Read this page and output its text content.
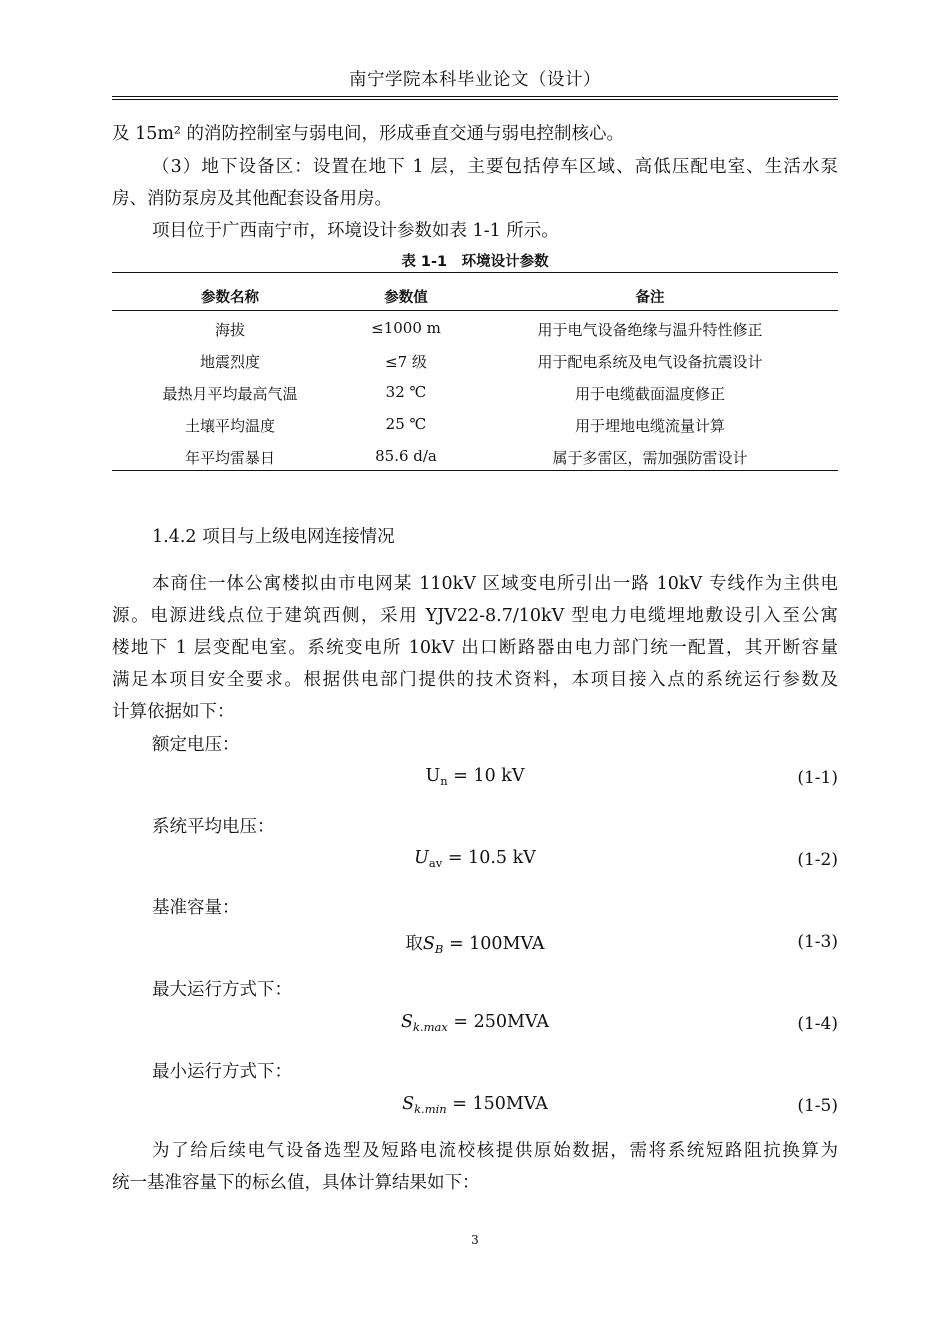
南宁学院本科毕业论文（设计）
及 15m² 的消防控制室与弱电间，形成垂直交通与弱电控制核心。
（3）地下设备区：设置在地下 1 层，主要包括停车区域、高低压配电室、生活水泵
房、消防泵房及其他配套设备用房。
项目位于广西南宁市，环境设计参数如表 1-1 所示。
表 1-1　环境设计参数
参数名称	参数值	备注
海拔	≤1000 m	用于电气设备绝缘与温升特性修正
地震烈度	≤7 级	用于配电系统及电气设备抗震设计
最热月平均最高气温	32 ℃	用于电缆截面温度修正
土壤平均温度	25 ℃	用于埋地电缆流量计算
年平均雷暴日	85.6 d/a	属于多雷区，需加强防雷设计
1.4.2 项目与上级电网连接情况
本商住一体公寓楼拟由市电网某 110kV 区域变电所引出一路 10kV 专线作为主供电
源。电源进线点位于建筑西侧，采用 YJV22-8.7/10kV 型电力电缆埋地敷设引入至公寓
楼地下 1 层变配电室。系统变电所 10kV 出口断路器由电力部门统一配置，其开断容量
满足本项目安全要求。根据供电部门提供的技术资料，本项目接入点的系统运行参数及
计算依据如下：
额定电压：
$U_n = 10$ kV	(1-1)
系统平均电压：
$U_{av} = 10.5$ kV	(1-2)
基准容量：
取$S_B = 100MVA$	(1-3)
最大运行方式下：
$S_{k.max} = 250MVA$	(1-4)
最小运行方式下：
$S_{k.min} = 150MVA$	(1-5)
为了给后续电气设备选型及短路电流校核提供原始数据，需将系统短路阻抗换算为
统一基准容量下的标幺值，具体计算结果如下：
3
